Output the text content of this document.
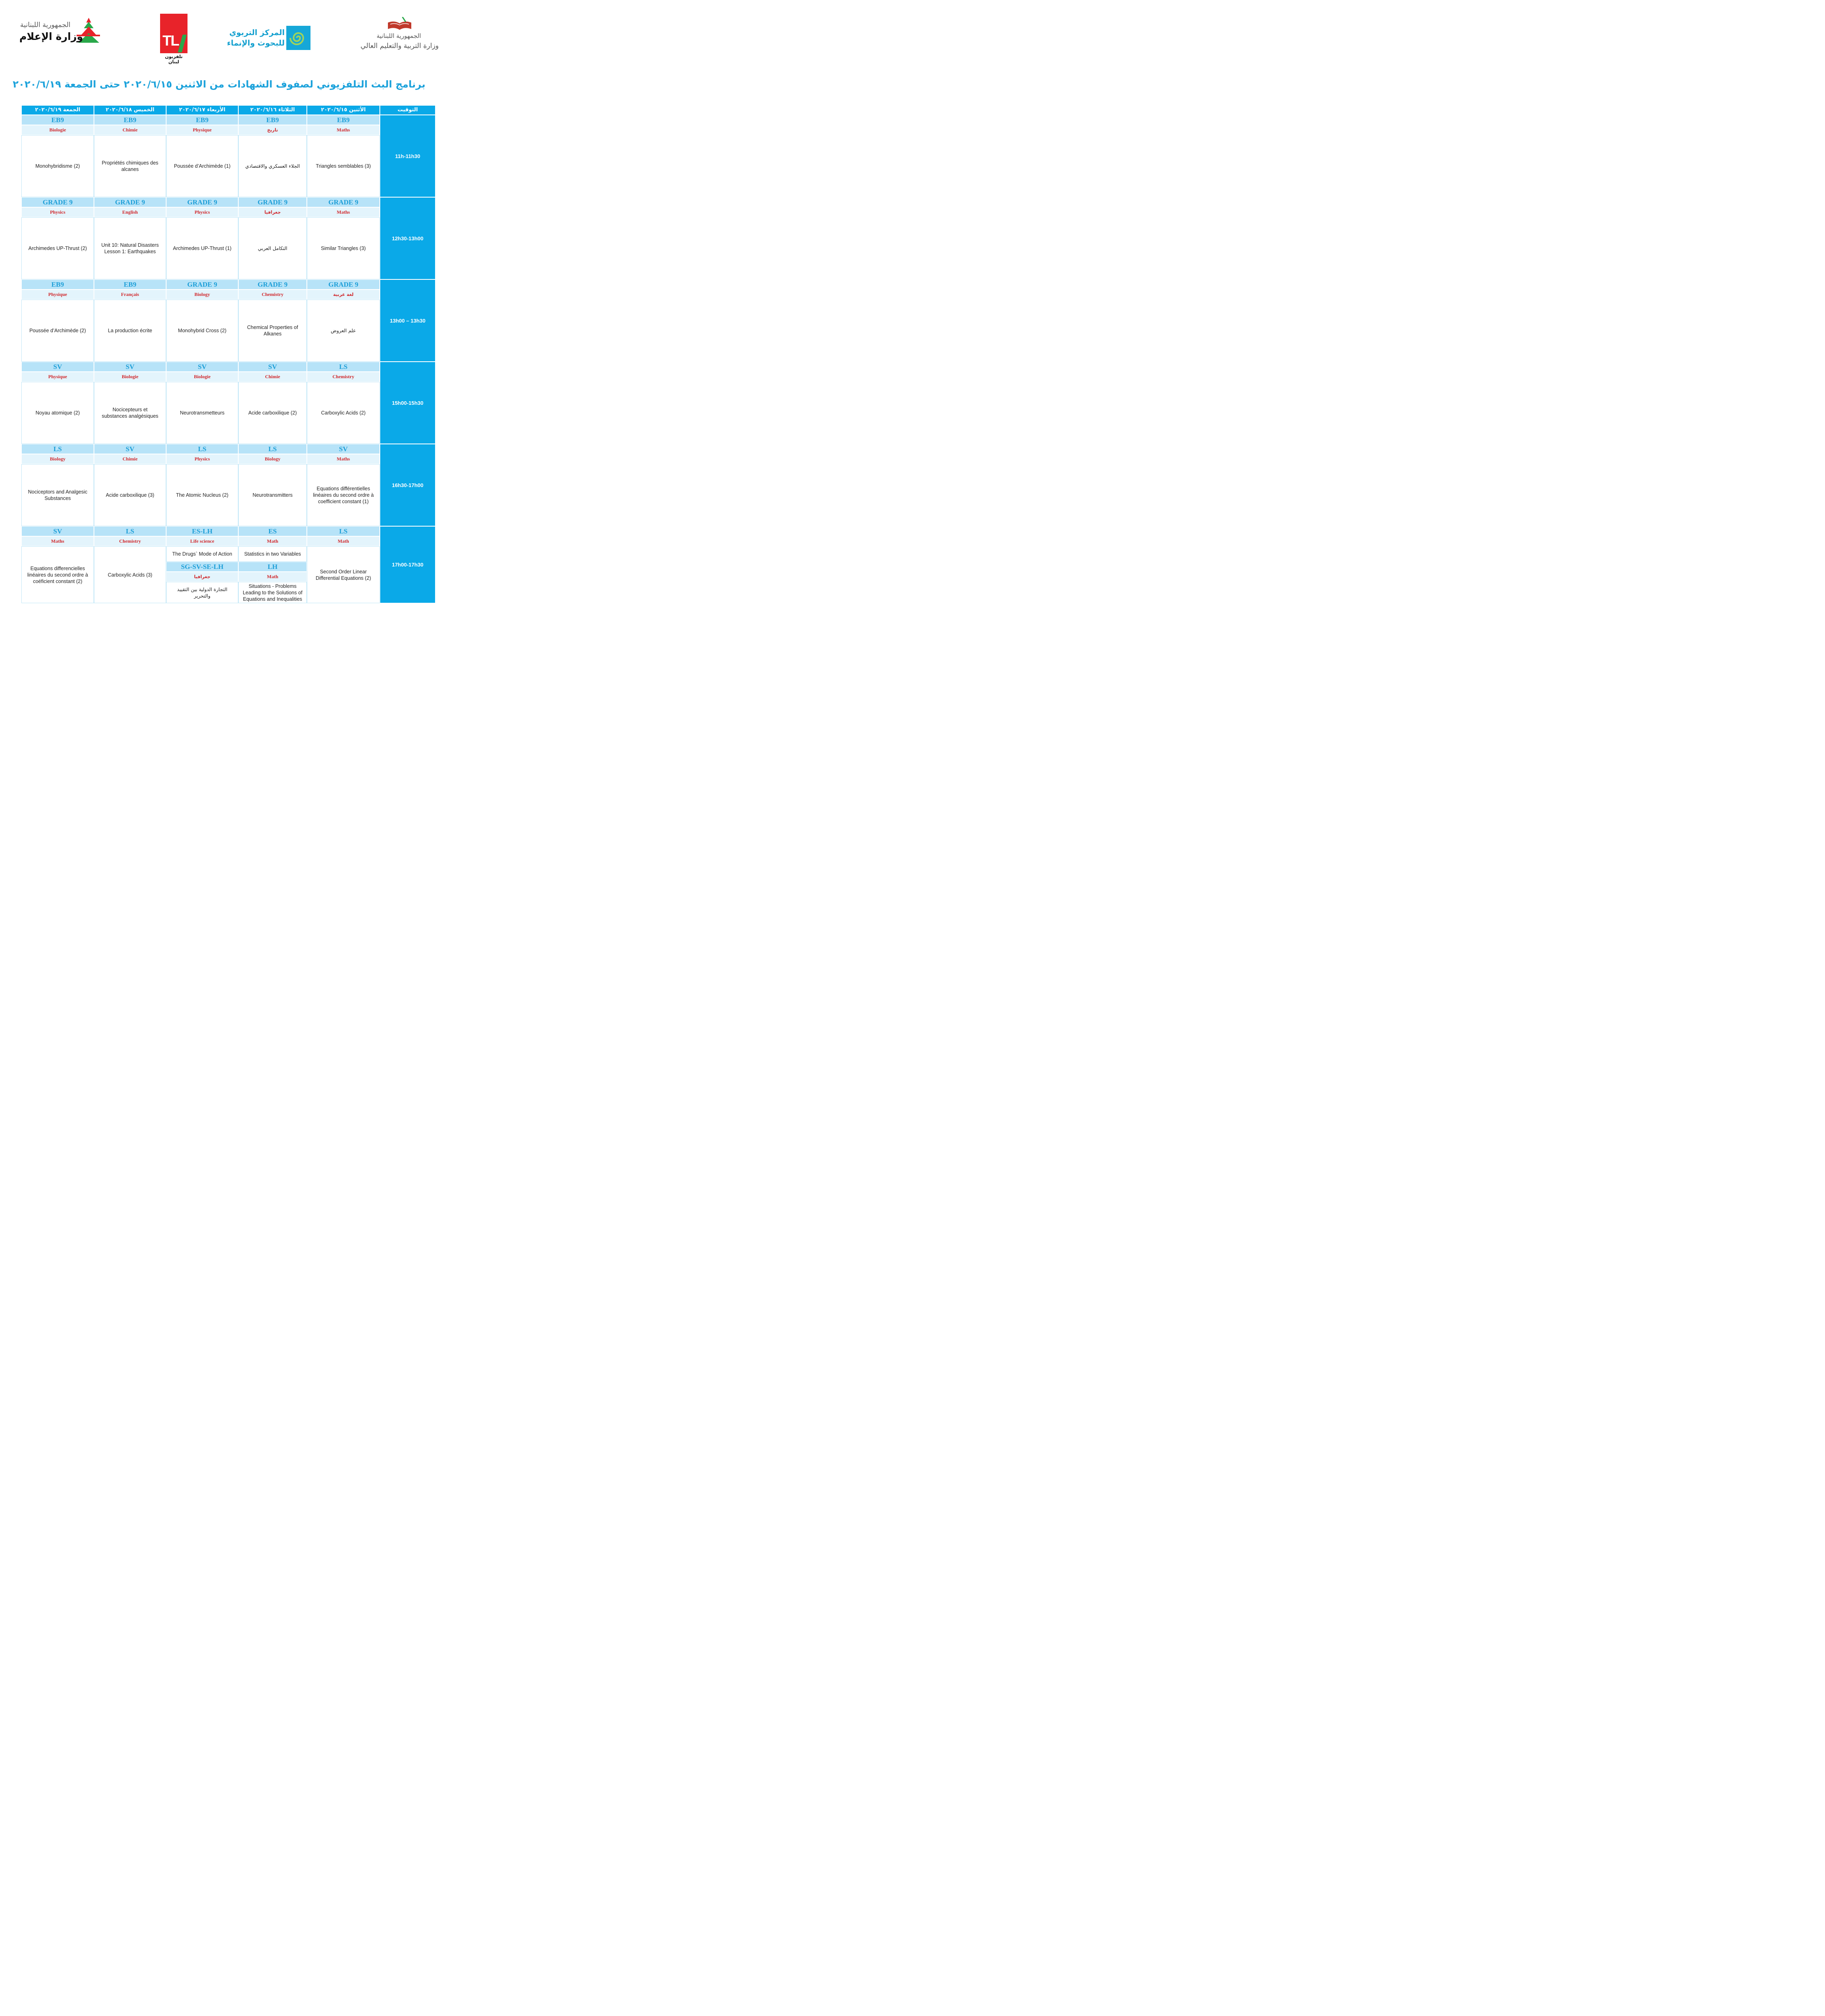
الجمهورية اللبنانية
وزارة الإعلام	TL
تلفزيون لبنان
المركز التربوي
للبحوث والإنماء
الجمهورية اللبنانية
وزارة التربية والتعليم العالي
برنامج البث التلفزيوني لصفوف الشهادات من الاثنين ٢٠٢٠/٦/١٥ حتى الجمعة ٢٠٢٠/٦/١٩
الأثنين ٢٠٢٠/٦/١٥
الثلاثاء ٢٠٢٠/٦/١٦
الأربعاء ٢٠٢٠/٦/١٧
الخميس ٢٠٢٠/٦/١٨
الجمعة ٢٠٢٠/٦/١٩	التوقيت
11h-11h30
EB9
Maths
Triangles semblables (3)
EB9
تاريخ
الجلاء العسكري والاقتصادي
EB9
Physique
Poussée d’Archimède (1)
EB9
Chimie
Propriétés chimiques des alcanes
EB9
Biologie
Monohybridisme (2)
12h30-13h00
GRADE 9
Maths
Similar Triangles (3)
GRADE 9
جغرافيا
التكامل العربي
GRADE 9
Physics
Archimedes UP-Thrust (1)
GRADE 9
English
Unit 10: Natural Disasters Lesson 1: Earthquakes
GRADE 9
Physics
Archimedes UP-Thrust (2)
13h00 – 13h30
GRADE 9
لغة عربية
علم العروض
GRADE 9
Chemistry
Chemical Properties of Alkanes
GRADE 9
Biology
Monohybrid Cross (2)
EB9
Français
La production écrite
EB9
Physique
Poussée d’Archimède (2)
15h00-15h30
LS
Chemistry
Carboxylic Acids (2)
SV
Chimie
Acide carboxilique (2)
SV
Biologie
Neurotransmetteurs
SV
Biologie
Nocicepteurs et substances analgésiques
SV
Physique
Noyau atomique (2)
16h30-17h00
SV
Maths
Equations différentielles linéaires du second ordre à coefficient constant (1)
LS
Biology
Neurotransmitters
LS
Physics
The Atomic Nucleus (2)
SV
Chimie
Acide carboxilique (3)
LS
Biology
Nociceptors and Analgesic Substances
17h00-17h30
LS
Math
Second Order Linear Differential Equations (2)
ES
Math
Statistics in two Variables
LH
Math
Situations - Problems Leading to the Solutions of Equations and Inequalities
ES-LH
Life science
The Drugs` Mode of Action
SG-SV-SE-LH
جغرافيا
التجارة الدولية بين التقييد والتحرير
LS
Chemistry
Carboxylic Acids (3)
SV
Maths
Equations differencielles linéaires du second ordre à coéficient constant (2)
